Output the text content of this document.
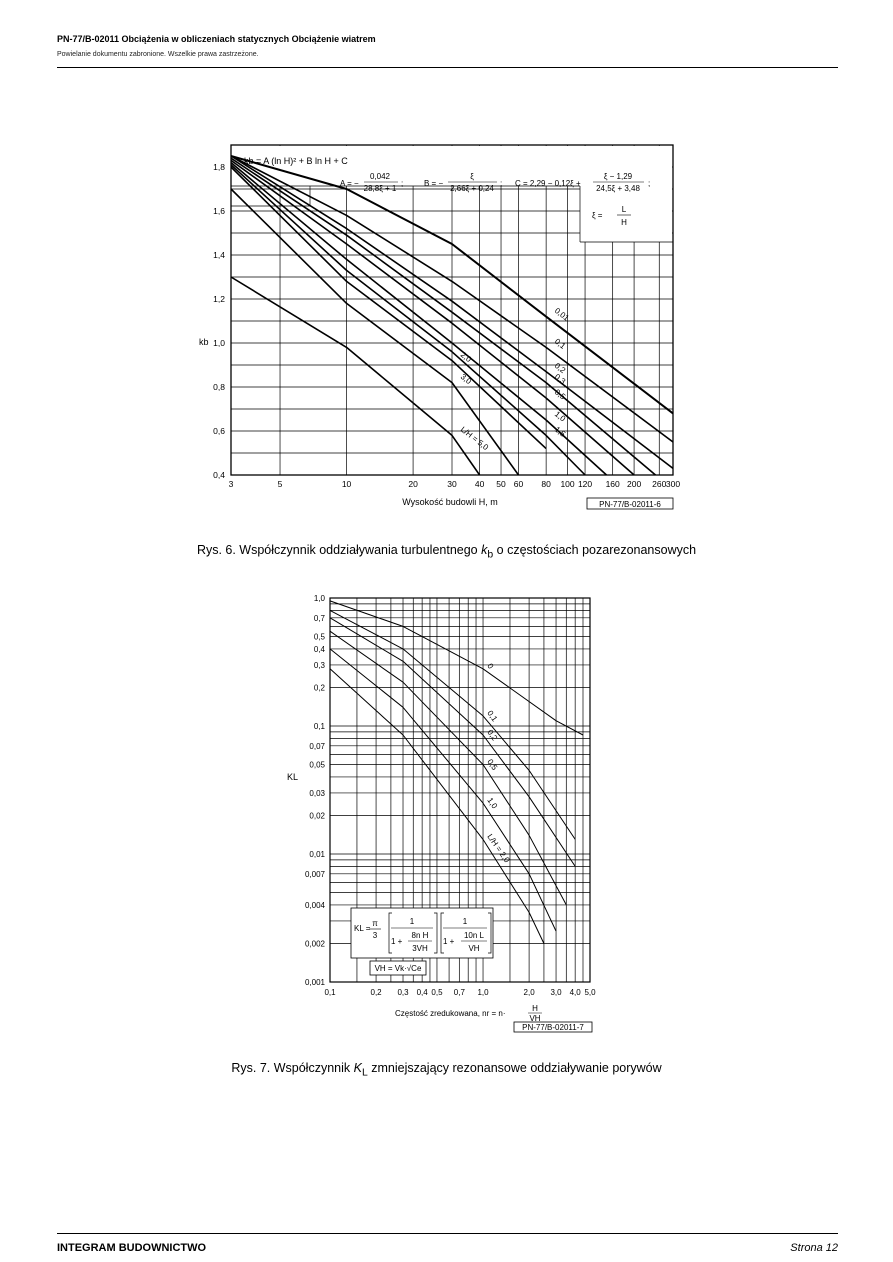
PN-77/B-02011 Obciążenia w obliczeniach statycznych Obciążenie wiatrem
Powielanie dokumentu zabronione. Wszelkie prawa zastrzeżone.
kb = A (ln H)² + B ln H + C
A = −
0,042
28,8ξ + 1
;	B = −
ξ
2,66ξ + 0,24
; C = 2,29 − 0,12ξ +
ξ − 1,29
24,5ξ + 3,48
;
ξ =
L
H
0,01
0,1
0,2
0,3
0,5
1,0
1,5
2,0
3,0
L/H = 5,0
3	5	10	20	30 40 50 60 80 100 120 160 200 260 300
0,4
0,6
0,8
1,0
1,2
1,4
1,6
1,8
kb
Wysokość budowli H, m	PN-77/B-02011-6
Rys. 6. Współczynnik oddziaływania turbulentnego $k_b$ o częstościach pozarezonansowych
0
0,1
0,2
0,5
1,0
L/H = 2,0
0,1	0,2 0,3 0,4 0,5 0,7 1,0	2,0 3,0 4,0 5,0
1,0
0,7
0,5
0,4
0,3
0,2
0,1
0,07
0,05
0,03
0,02
0,01
0,007
0,004
0,002
0,001
KL =
π
3
1
1 +
8n H
3VH
1
1 +
10n L
VH
VH = Vk·√Ce
KL
Częstość zredukowana, nr = n·
H
VH
PN-77/B-02011-7
Rys. 7. Współczynnik $K_L$ zmniejszający rezonansowe oddziaływanie porywów
INTEGRAM BUDOWNICTWO	Strona 12
